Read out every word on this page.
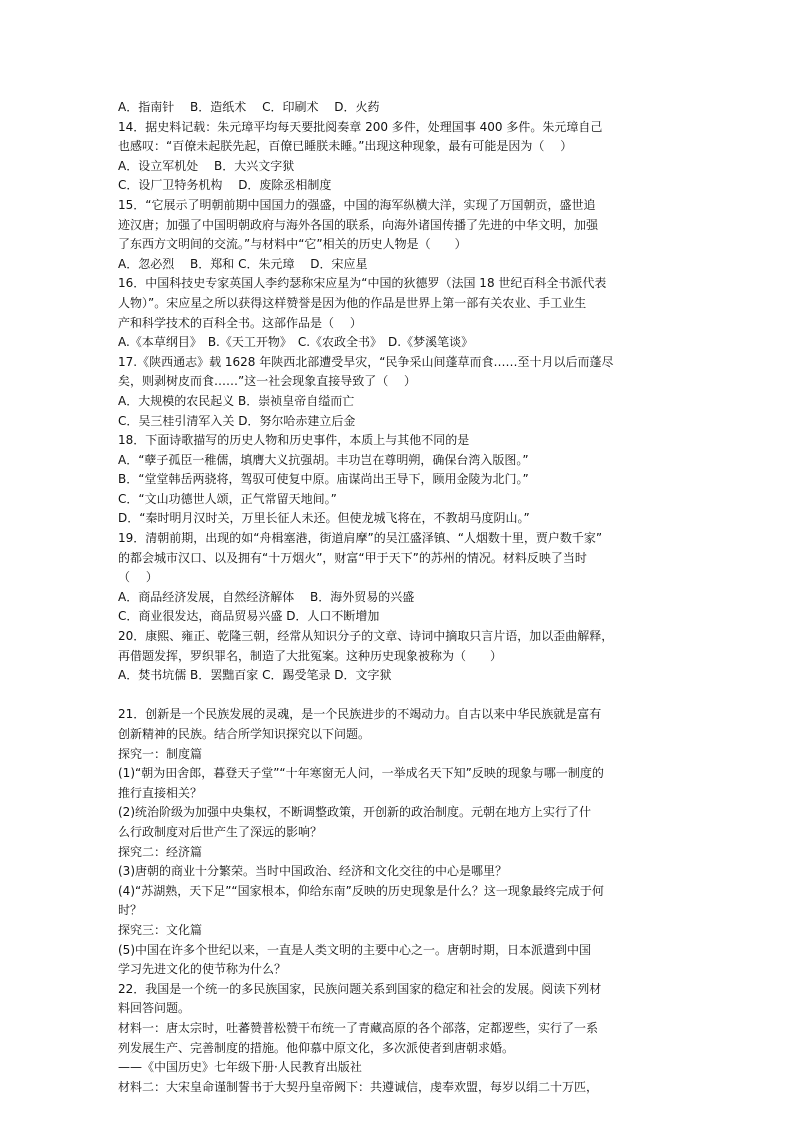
A．指南针　 B．造纸术　 C．印刷术　 D．火药
14．据史料记载：朱元璋平均每天要批阅奏章 200 多件，处理国事 400 多件。朱元璋自己
也感叹：“百僚未起朕先起，百僚已睡朕未睡。”出现这种现象，最有可能是因为（　 ）
A．设立军机处　 B．大兴文字狱
C．设厂卫特务机构　 D．废除丞相制度
15．“它展示了明朝前期中国国力的强盛，中国的海军纵横大洋，实现了万国朝贡，盛世追
迹汉唐；加强了中国明朝政府与海外各国的联系，向海外诸国传播了先进的中华文明，加强
了东西方文明间的交流。”与材料中“它”相关的历史人物是（　　）
A．忽必烈　 B．郑和 C．朱元璋　 D．宋应星
16．中国科技史专家英国人李约瑟称宋应星为“中国的狄德罗（法国 18 世纪百科全书派代表
人物）”。宋应星之所以获得这样赞誉是因为他的作品是世界上第一部有关农业、手工业生
产和科学技术的百科全书。这部作品是（　 ）
A.《本草纲目》　B.《天工开物》　C.《农政全书》　D.《梦溪笔谈》
17.《陕西通志》载 1628 年陕西北部遭受旱灾，“民争采山间蓬草而食……至十月以后而蓬尽
矣，则剥树皮而食……”这一社会现象直接导致了（　 ）
A．大规模的农民起义 B．崇祯皇帝自缢而亡
C．吴三桂引清军入关 D．努尔哈赤建立后金
18．下面诗歌描写的历史人物和历史事件，本质上与其他不同的是
A．“孽子孤臣一稚儒，填膺大义抗强胡。丰功岂在尊明朔，确保台湾入版图。”
B．“堂堂韩岳两骁将，驾驭可使复中原。庙谋尚出王导下，顾用金陵为北门。”
C．“文山功德世人颂，正气常留天地间。”
D．“秦时明月汉时关，万里长征人未还。但使龙城飞将在，不教胡马度阴山。”
19．清朝前期，出现的如“舟楫塞港，街道肩摩”的吴江盛泽镇、“人烟数十里，贾户数千家”
的都会城市汉口、以及拥有“十万烟火”，财富“甲于天下”的苏州的情况。材料反映了当时
（　 ）
A．商品经济发展，自然经济解体　 B．海外贸易的兴盛
C．商业很发达，商品贸易兴盛 D．人口不断增加
20．康熙、雍正、乾隆三朝，经常从知识分子的文章、诗词中摘取只言片语，加以歪曲解释，
再借题发挥，罗织罪名，制造了大批冤案。这种历史现象被称为（　　）
A．焚书坑儒 B．罢黜百家 C．踢受笔录 D．文字狱
21．创新是一个民族发展的灵魂，是一个民族进步的不竭动力。自古以来中华民族就是富有
创新精神的民族。结合所学知识探究以下问题。
探究一：制度篇
(1)“朝为田舍郎，暮登天子堂”“十年寒窗无人问，一举成名天下知”反映的现象与哪一制度的
推行直接相关？
(2)统治阶级为加强中央集权，不断调整政策，开创新的政治制度。元朝在地方上实行了什
么行政制度对后世产生了深远的影响？
探究二：经济篇
(3)唐朝的商业十分繁荣。当时中国政治、经济和文化交往的中心是哪里？
(4)“苏湖熟，天下足”“国家根本，仰给东南”反映的历史现象是什么？这一现象最终完成于何
时？
探究三：文化篇
(5)中国在许多个世纪以来，一直是人类文明的主要中心之一。唐朝时期，日本派遣到中国
学习先进文化的使节称为什么？
22．我国是一个统一的多民族国家，民族问题关系到国家的稳定和社会的发展。阅读下列材
料回答问题。
材料一：唐太宗时，吐蕃赞普松赞干布统一了青藏高原的各个部落，定都逻些，实行了一系
列发展生产、完善制度的措施。他仰慕中原文化，多次派使者到唐朝求婚。
——《中国历史》七年级下册·人民教育出版社
材料二：大宋皇命谨制誓书于大契丹皇帝阙下：共遵诚信，虔奉欢盟，每岁以绢二十万匹，
